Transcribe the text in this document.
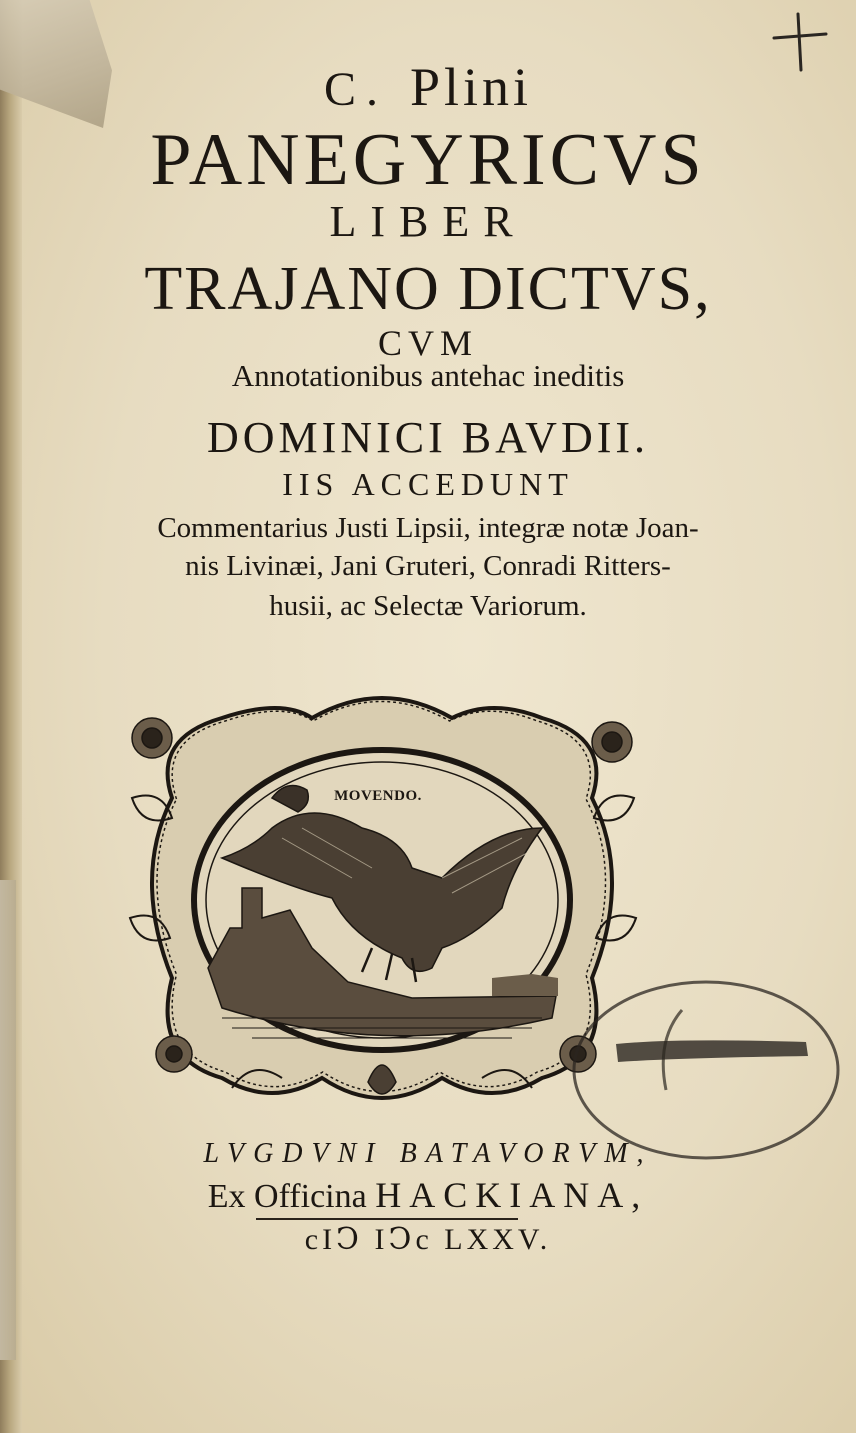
C. Plini
PANEGYRICVS
LIBER
TRAJANO DICTVS,
CVM
Annotationibus antehac ineditis
DOMINICI BAVDII.
IIS ACCEDUNT
Commentarius Justi Lipsii, integræ notæ Joan-
nis Livinæi, Jani Gruteri, Conradi Ritters-
husii, ac Selectæ Variorum.
MOVENDO.
LVGDVNI BATAVORVM,
Ex Officina HACKIANA,
cIↃ IↃc LXXV.
